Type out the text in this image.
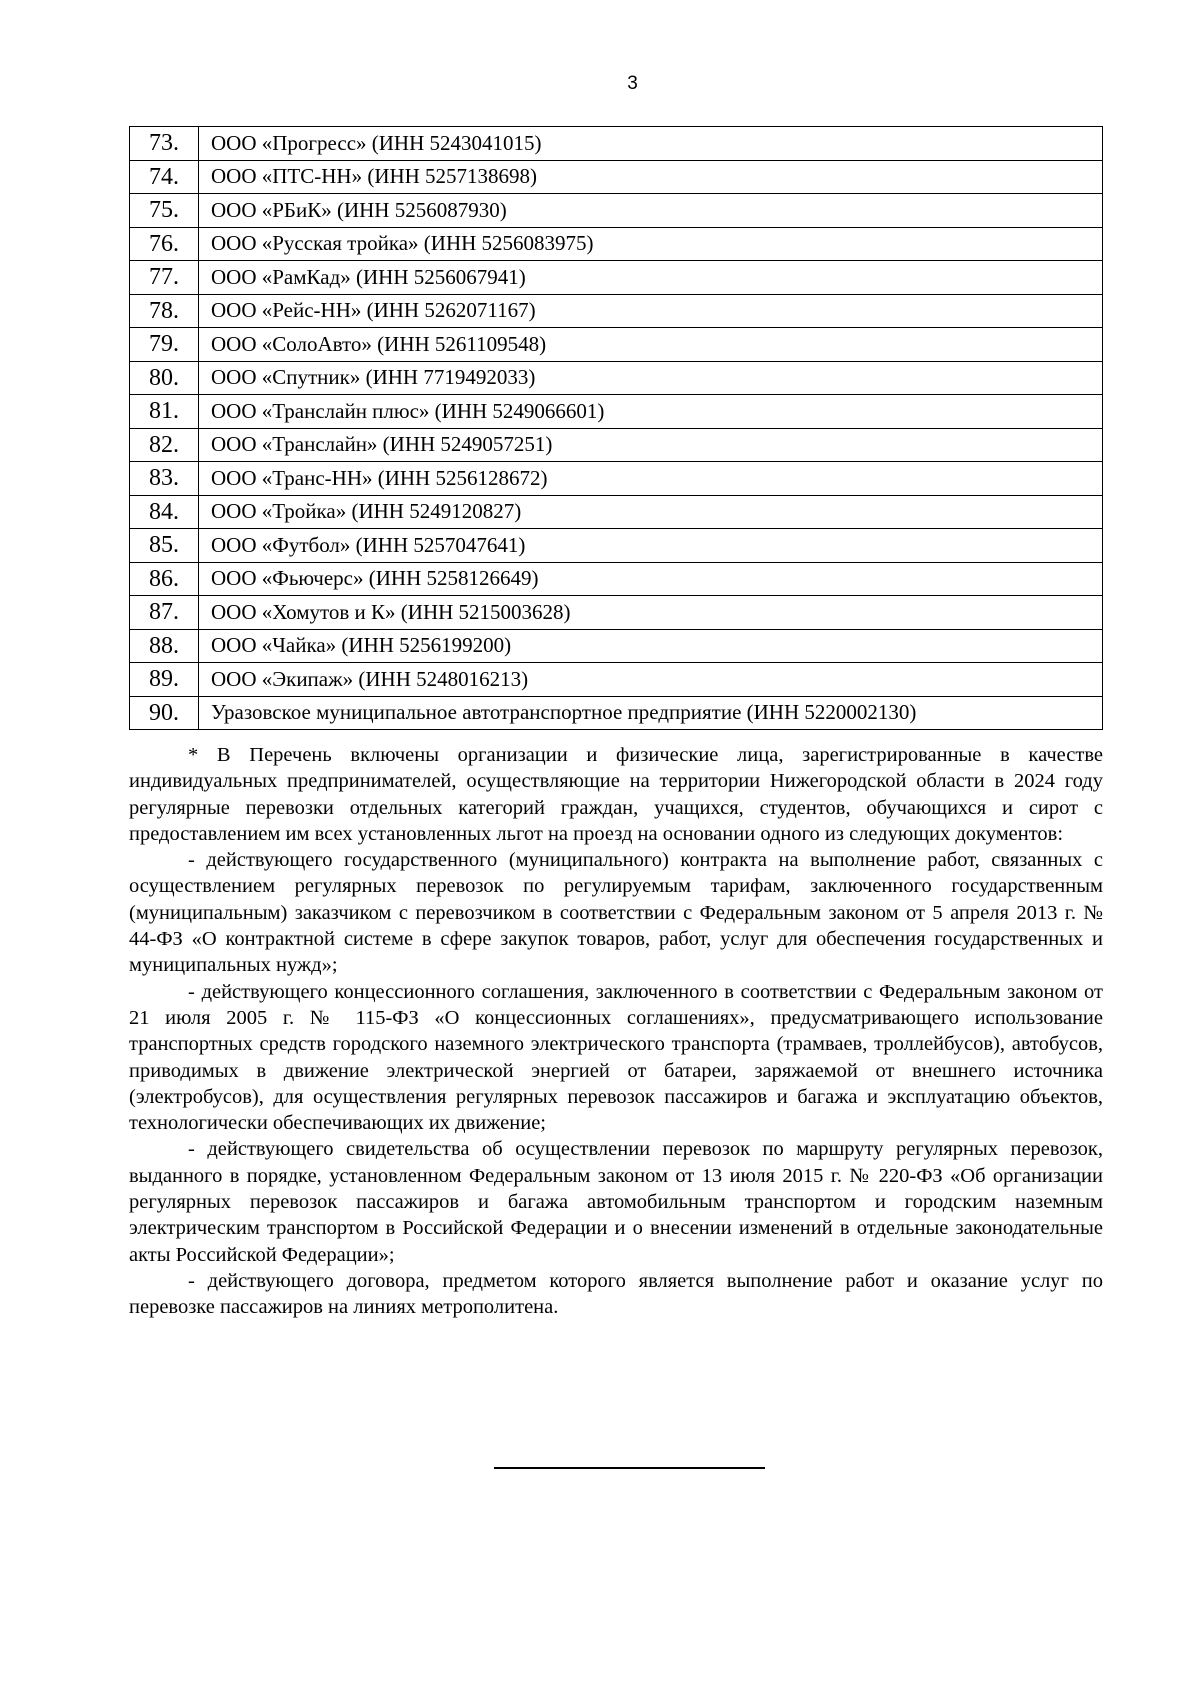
3
73.	ООО «Прогресс» (ИНН 5243041015)
74.	ООО «ПТС-НН» (ИНН 5257138698)
75.	ООО «РБиК» (ИНН 5256087930)
76.	ООО «Русская тройка» (ИНН 5256083975)
77.	ООО «РамКад» (ИНН 5256067941)
78.	ООО «Рейс-НН» (ИНН 5262071167)
79.	ООО «СолоАвто» (ИНН 5261109548)
80.	ООО «Спутник» (ИНН 7719492033)
81.	ООО «Транслайн плюс» (ИНН 5249066601)
82.	ООО «Транслайн» (ИНН 5249057251)
83.	ООО «Транс-НН» (ИНН 5256128672)
84.	ООО «Тройка» (ИНН 5249120827)
85.	ООО «Футбол» (ИНН 5257047641)
86.	ООО «Фьючерс» (ИНН 5258126649)
87.	ООО «Хомутов и К» (ИНН 5215003628)
88.	ООО «Чайка» (ИНН 5256199200)
89.	ООО «Экипаж» (ИНН 5248016213)
90.	Уразовское муниципальное автотранспортное предприятие (ИНН 5220002130)

* В Перечень включены организации и физические лица, зарегистрированные в качестве индивидуальных предпринимателей, осуществляющие на территории Нижегородской области в 2024 году регулярные перевозки отдельных категорий граждан, учащихся, студентов, обучающихся и сирот с предоставлением им всех установленных льгот на проезд на основании одного из следующих документов:

- действующего государственного (муниципального) контракта на выполнение работ, связанных с осуществлением регулярных перевозок по регулируемым тарифам, заключенного государственным (муниципальным) заказчиком с перевозчиком в соответствии с Федеральным законом от 5 апреля 2013 г. № 44-ФЗ «О контрактной системе в сфере закупок товаров, работ, услуг для обеспечения государственных и муниципальных нужд»;

- действующего концессионного соглашения, заключенного в соответствии с Федеральным законом от 21 июля 2005 г. № 115-ФЗ «О концессионных соглашениях», предусматривающего использование транспортных средств городского наземного электрического транспорта (трамваев, троллейбусов), автобусов, приводимых в движение электрической энергией от батареи, заряжаемой от внешнего источника (электробусов), для осуществления регулярных перевозок пассажиров и багажа и эксплуатацию объектов, технологически обеспечивающих их движение;

- действующего свидетельства об осуществлении перевозок по маршруту регулярных перевозок, выданного в порядке, установленном Федеральным законом от 13 июля 2015 г. № 220-ФЗ «Об организации регулярных перевозок пассажиров и багажа автомобильным транспортом и городским наземным электрическим транспортом в Российской Федерации и о внесении изменений в отдельные законодательные акты Российской Федерации»;

- действующего договора, предметом которого является выполнение работ и оказание услуг по перевозке пассажиров на линиях метрополитена.
